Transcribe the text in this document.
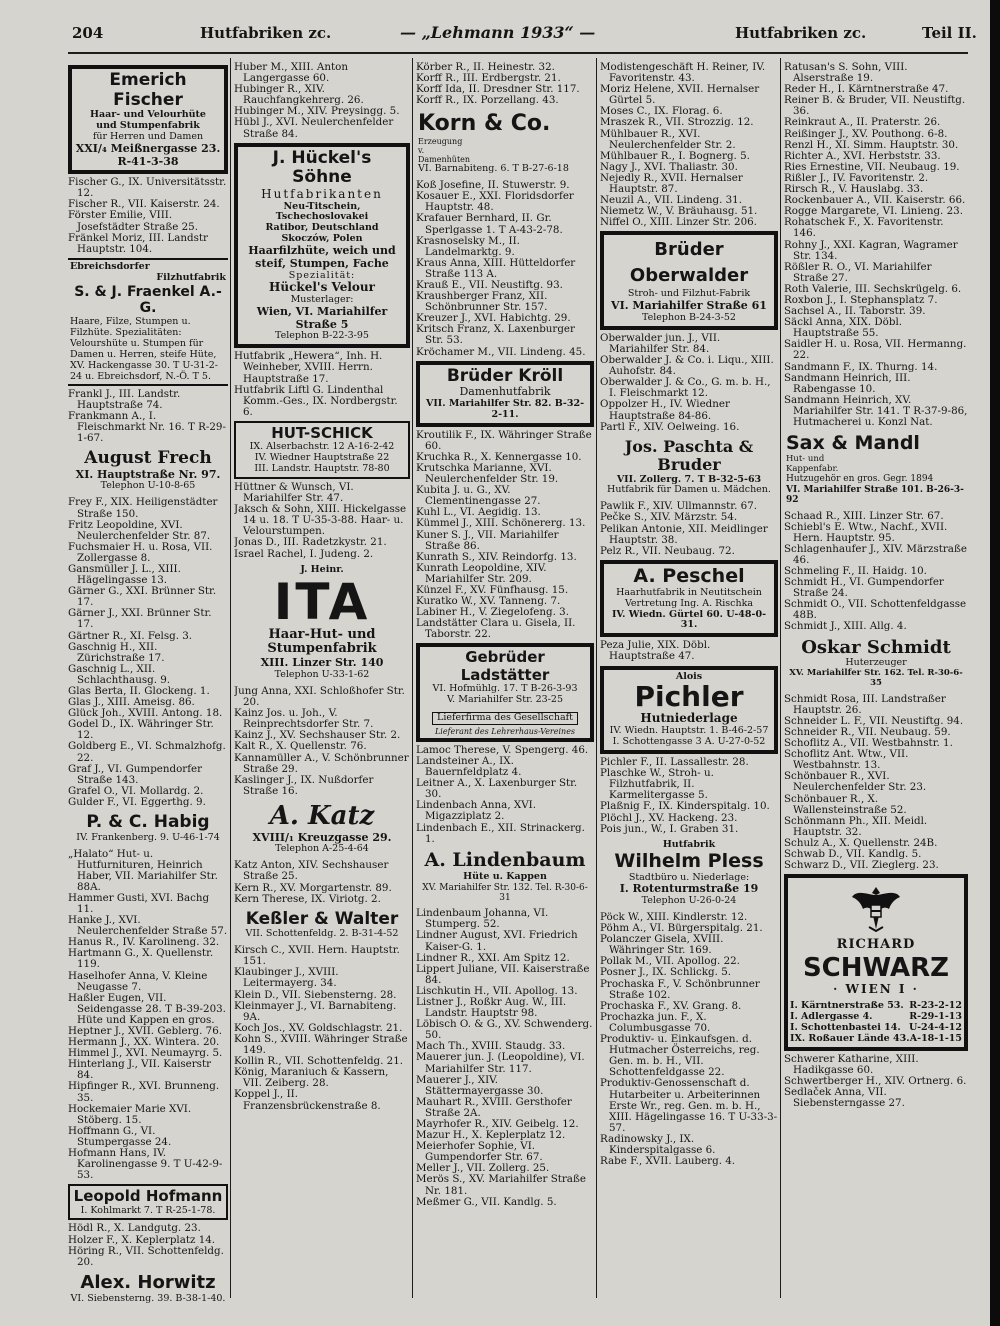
204	Hutfabriken zc.	— „Lehmann 1933“ —	Hutfabriken zc.	Teil II.
Emerich Fischer
Haar- und Velourhüte
und Stumpenfabrik
für Herren und Damen
XXI/₄ Meißnergasse 23. R-41-3-38

Fischer G., IX. Universitätsstr. 12.

Fischer R., VII. Kaiserstr. 24.

Förster Emilie, VIII. Josefstädter Straße 25.

Fränkel Moriz, III. Landstr Hauptstr. 104.

Ebreichsdorfer
Filzhutfabrik
S. & J. Fraenkel A.-G.
Haare, Filze, Stumpen u. Filzhüte. Spezialitäten: Velourshüte u. Stumpen für Damen u. Herren, steife Hüte, XV. Hackengasse 30. T U-31-2-24 u. Ebreichsdorf, N.-Ö. T 5.

Frankl J., III. Landstr. Hauptstraße 74.

Frankmann A., I. Fleischmarkt Nr. 16. T R-29-1-67.

August Frech
XI. Hauptstraße Nr. 97.
Telephon U-10-8-65

Frey F., XIX. Heiligenstädter Straße 150.

Fritz Leopoldine, XVI. Neulerchenfelder Str. 87.

Fuchsmaier H. u. Rosa, VII. Zollergasse 8.

Gansmüller J. L., XIII. Hägelingasse 13.

Gärner G., XXI. Brünner Str. 17.

Gärner J., XXI. Brünner Str. 17.

Gärtner R., XI. Felsg. 3.

Gaschnig H., XII. Zürichstraße 17.

Gaschnig L., XII. Schlachthausg. 9.

Glas Berta, II. Glockeng. 1.

Glas J., XIII. Ameisg. 86.

Glück Joh., XVIII. Antong. 18.

Godel D., IX. Währinger Str. 12.

Goldberg E., VI. Schmalzhofg. 22.

Graf J., VI. Gumpendorfer Straße 143.

Grafel O., VI. Mollardg. 2.

Gulder F., VI. Eggerthg. 9.

P. & C. Habig
IV. Frankenberg. 9. U-46-1-74

„Halato“ Hut- u. Hutfurnituren, Heinrich Haber, VII. Mariahilfer Str. 88A.

Hammer Gusti, XVI. Bachg 11.

Hanke J., XVI. Neulerchenfelder Straße 57.

Hanus R., IV. Karolineng. 32.

Hartmann G., X. Quellenstr. 119.

Haselhofer Anna, V. Kleine Neugasse 7.

Haßler Eugen, VII. Seidengasse 28. T B-39-203. Hüte und Kappen en gros.

Heptner J., XVII. Geblerg. 76.

Hermann J., XX. Wintera. 20.

Himmel J., XVI. Neumayrg. 5.

Hinterlang J., VII. Kaiserstr 84.

Hipfinger R., XVI. Brunneng. 35.

Hockemaier Marie XVI. Stöberg. 15.

Hoffmann G., VI. Stumpergasse 24.

Hofmann Hans, IV. Karolinengasse 9. T U-42-9-53.

Leopold Hofmann
I. Kohlmarkt 7. T R-25-1-78.

Hödl R., X. Landgutg. 23.

Holzer F., X. Keplerplatz 14.

Höring R., VII. Schottenfeldg. 20.

Alex. Horwitz
VI. Siebensterng. 39. B-38-1-40.

Huber M., XIII. Anton Langergasse 60.

Hubinger R., XIV. Rauchfangkehrerg. 26.

Hubinger M., XIV. Preysingg. 5.

Hübl J., XVI. Neulerchenfelder Straße 84.

J. Hückel's Söhne
Hutfabrikanten
Neu-Titschein, Tschechoslovakei
Ratibor, Deutschland
Skoczów, Polen
Haarfilzhüte, weich und steif, Stumpen, Fache
Spezialität:
Hückel's Velour
Musterlager:
Wien, VI. Mariahilfer Straße 5
Telephon B-22-3-95

Hutfabrik „Hewera“, Inh. H. Weinheber, XVIII. Herrn. Hauptstraße 17.

Hutfabrik Liftl G. Lindenthal Komm.-Ges., IX. Nordbergstr. 6.

HUT-SCHICK
IX. Alserbachstr. 12 A-16-2-42
IV. Wiedner Hauptstraße 22
III. Landstr. Hauptstr. 78-80

Hüttner & Wunsch, VI. Mariahilfer Str. 47.

Jaksch & Sohn, XIII. Hickelgasse 14 u. 18. T U-35-3-88. Haar- u. Velourstumpen.

Jonas D., III. Radetzkystr. 21.

Israel Rachel, I. Judeng. 2.

J. Heinr.
ITA
Haar-Hut- und
Stumpenfabrik
XIII. Linzer Str. 140
Telephon U-33-1-62

Jung Anna, XXI. Schloßhofer Str. 20.

Kainz Jos. u. Joh., V. Reinprechtsdorfer Str. 7.

Kainz J., XV. Sechshauser Str. 2.

Kalt R., X. Quellenstr. 76.

Kannamüller A., V. Schönbrunner Straße 29.

Kaslinger J., IX. Nußdorfer Straße 16.

A. Katz
XVIII/₁ Kreuzgasse 29.
Telephon A-25-4-64

Katz Anton, XIV. Sechshauser Straße 25.

Kern R., XV. Morgartenstr. 89.

Kern Therese, IX. Viriotg. 2.

Keßler & Walter
VII. Schottenfeldg. 2. B-31-4-52

Kirsch C., XVII. Hern. Hauptstr. 151.

Klaubinger J., XVIII. Leitermayerg. 34.

Klein D., VII. Siebensterng. 28.

Kleinmayer J., VI. Barnabiteng. 9A.

Koch Jos., XV. Goldschlagstr. 21.

Kohn S., XVIII. Währinger Straße 149.

Kollin R., VII. Schottenfeldg. 21.

König, Maraniuch & Kassern, VII. Zeiberg. 28.

Koppel J., II. Franzensbrückenstraße 8.

Körber R., II. Heinestr. 32.

Korff R., III. Erdbergstr. 21.

Korff Ida, II. Dresdner Str. 117.

Korff R., IX. Porzellang. 43.

Korn & Co. Erzeugung v. Damenhüten
VI. Barnabiteng. 6. T B-27-6-18

Koß Josefine, II. Stuwerstr. 9.

Kosauer E., XXI. Floridsdorfer Hauptstr. 48.

Krafauer Bernhard, II. Gr. Sperlgasse 1. T A-43-2-78.

Krasnoselsky M., II. Landelmarktg. 9.

Kraus Anna, XIII. Hütteldorfer Straße 113 A.

Krauß E., VII. Neustiftg. 93.

Kraushberger Franz, XII. Schönbrunner Str. 157.

Kreuzer J., XVI. Habichtg. 29.

Kritsch Franz, X. Laxenburger Str. 53.

Kröchamer M., VII. Lindeng. 45.

Brüder Kröll
Damenhutfabrik
VII. Mariahilfer Str. 82. B-32-2-11.

Kroutilik F., IX. Währinger Straße 60.

Kruchka R., X. Kennergasse 10.

Krutschka Marianne, XVI. Neulerchenfelder Str. 19.

Kubita J. u. G., XV. Clementinengasse 27.

Kuhl L., VI. Aegidig. 13.

Kümmel J., XIII. Schönererg. 13.

Kuner S. J., VII. Mariahilfer Straße 86.

Kunrath S., XIV. Reindorfg. 13.

Kunrath Leopoldine, XIV. Mariahilfer Str. 209.

Künzel F., XV. Fünfhausg. 15.

Kuratko W., XV. Tanneng. 7.

Labiner H., V. Ziegelofeng. 3.

Landstätter Clara u. Gisela, II. Taborstr. 22.

Gebrüder Ladstätter
VI. Hofmühlg. 17. T B-26-3-93
V. Mariahilfer Str. 23-25
Lieferfirma des Gesellschaft
Lieferant des Lehrerhaus-Vereines

Lamoc Therese, V. Spengerg. 46.

Landsteiner A., IX. Bauernfeldplatz 4.

Leitner A., X. Laxenburger Str. 30.

Lindenbach Anna, XVI. Migazziplatz 2.

Lindenbach E., XII. Strinackerg. 1.

A. Lindenbaum
Hüte u. Kappen
XV. Mariahilfer Str. 132. Tel. R-30-6-31

Lindenbaum Johanna, VI. Stumperg. 52.

Lindner August, XVI. Friedrich Kaiser-G. 1.

Lindner R., XXI. Am Spitz 12.

Lippert Juliane, VII. Kaiserstraße 84.

Lischkutin H., VII. Apollog. 13.

Listner J., Roßkr Aug. W., III. Landstr. Hauptstr 98.

Löbisch O. & G., XV. Schwenderg. 50.

Mach Th., XVIII. Staudg. 33.

Mauerer jun. J. (Leopoldine), VI. Mariahilfer Str. 117.

Mauerer J., XIV. Stättermayergasse 30.

Mauhart R., XVIII. Gersthofer Straße 2A.

Mayrhofer R., XIV. Geibelg. 12.

Mazur H., X. Keplerplatz 12.

Meierhofer Sophie, VI. Gumpendorfer Str. 67.

Meller J., VII. Zollerg. 25.

Merös S., XV. Mariahilfer Straße Nr. 181.

Meßmer G., VII. Kandlg. 5.

Modistengeschäft H. Reiner, IV. Favoritenstr. 43.

Moriz Helene, XVII. Hernalser Gürtel 5.

Moses C., IX. Florag. 6.

Mraszek R., VII. Strozzig. 12.

Mühlbauer R., XVI. Neulerchenfelder Str. 2.

Mühlbauer R., I. Bognerg. 5.

Nagy J., XVI. Thaliastr. 30.

Nejedly R., XVII. Hernalser Hauptstr. 87.

Neuzil A., VII. Lindeng. 31.

Niemetz W., V. Bräuhausg. 51.

Niffel O., XIII. Linzer Str. 206.

Brüder Oberwalder
Stroh- und Filzhut-Fabrik
VI. Mariahilfer Straße 61
Telephon B-24-3-52

Oberwalder jun. J., VII. Mariahilfer Str. 84.

Oberwalder J. & Co. i. Liqu., XIII. Auhofstr. 84.

Oberwalder J. & Co., G. m. b. H., I. Fleischmarkt 12.

Oppolzer H., IV. Wiedner Hauptstraße 84-86.

Partl F., XIV. Oelweing. 16.

Jos. Paschta & Bruder
VII. Zollerg. 7. T B-32-5-63
Hutfabrik für Damen u. Mädchen.

Pawlik F., XIV. Ullmannstr. 67.

Pečke S., XIV. Märzstr. 54.

Pelikan Antonie, XII. Meidlinger Hauptstr. 38.

Pelz R., VII. Neubaug. 72.

A. Peschel
Haarhutfabrik in Neutitschein
Vertretung Ing. A. Rischka
IV. Wiedn. Gürtel 60. U-48-0-31.

Peza Julie, XIX. Döbl. Hauptstraße 47.

Alois
Pichler
Hutniederlage
IV. Wiedn. Hauptstr. 1. B-46-2-57
I. Schottengasse 3 A. U-27-0-52

Pichler F., II. Lassallestr. 28.

Plaschke W., Stroh- u. Filzhutfabrik, II. Karmelitergasse 5.

Plaßnig F., IX. Kinderspitalg. 10.

Plöchl J., XV. Hackeng. 23.

Pois jun., W., I. Graben 31.

Hutfabrik
Wilhelm Pless
Stadtbüro u. Niederlage:
I. Rotenturmstraße 19
Telephon U-26-0-24

Pöck W., XIII. Kindlerstr. 12.

Pöhm A., VI. Bürgerspitalg. 21.

Polanczer Gisela, XVIII. Währinger Str. 169.

Pollak M., VII. Apollog. 22.

Posner J., IX. Schlickg. 5.

Prochaska F., V. Schönbrunner Straße 102.

Prochaska F., XV. Grang. 8.

Prochazka jun. F., X. Columbusgasse 70.

Produktiv- u. Einkaufsgen. d. Hutmacher Österreichs, reg. Gen. m. b. H., VII. Schottenfeldgasse 22.

Produktiv-Genossenschaft d. Hutarbeiter u. Arbeiterinnen Erste Wr., reg. Gen. m. b. H., XIII. Hägelingasse 16. T U-33-3-57.

Radinowsky J., IX. Kinderspitalgasse 6.

Rabe F., XVII. Lauberg. 4.

Ratusan's S. Sohn, VIII. Alserstraße 19.

Reder H., I. Kärntnerstraße 47.

Reiner B. & Bruder, VII. Neustiftg. 36.

Reinkraut A., II. Praterstr. 26.

Reißinger J., XV. Pouthong. 6-8.

Renzl H., XI. Simm. Hauptstr. 30.

Richter A., XVI. Herbststr. 33.

Ries Ernestine, VII. Neubaug. 19.

Rißler J., IV. Favoritenstr. 2.

Rirsch R., V. Hauslabg. 33.

Rockenbauer A., VII. Kaiserstr. 66.

Rogge Margarete, VI. Linieng. 23.

Rohatschek F., X. Favoritenstr. 146.

Rohny J., XXI. Kagran, Wagramer Str. 134.

Rößler R. O., VI. Mariahilfer Straße 27.

Roth Valerie, III. Sechskrügelg. 6.

Roxbon J., I. Stephansplatz 7.

Sachsel A., II. Taborstr. 39.

Säckl Anna, XIX. Döbl. Hauptstraße 55.

Saidler H. u. Rosa, VII. Hermanng. 22.

Sandmann F., IX. Thurng. 14.

Sandmann Heinrich, III. Rabengasse 10.

Sandmann Heinrich, XV. Mariahilfer Str. 141. T R-37-9-86, Hutmacherei u. Konzl Nat.

Sax & Mandl Hut- und Kappenfabr.
Hutzugehör en gros. Gegr. 1894
VI. Mariahilfer Straße 101. B-26-3-92

Schaad R., XIII. Linzer Str. 67.

Schiebl's E. Wtw., Nachf., XVII. Hern. Hauptstr. 95.

Schlagenhaufer J., XIV. Märzstraße 46.

Schmeling F., II. Haidg. 10.

Schmidt H., VI. Gumpendorfer Straße 24.

Schmidt O., VII. Schottenfeldgasse 48B.

Schmidt J., XIII. Allg. 4.

Oskar Schmidt
Huterzeuger
XV. Mariahilfer Str. 162. Tel. R-30-6-35

Schmidt Rosa, III. Landstraßer Hauptstr. 26.

Schneider L. F., VII. Neustiftg. 94.

Schneider R., VII. Neubaug. 59.

Schoflitz A., VII. Westbahnstr. 1.

Schoflitz Ant. Wtw., VII. Westbahnstr. 13.

Schönbauer R., XVI. Neulerchenfelder Str. 23.

Schönbauer R., X. Wallensteinstraße 52.

Schönmann Ph., XII. Meidl. Hauptstr. 32.

Schulz A., X. Quellenstr. 24B.

Schwab D., VII. Kandlg. 5.

Schwarz D., VII. Zieglerg. 23.

RICHARD
SCHWARZ
· WIEN I ·
I. Kärntnerstraße 53. R-23-2-12
I. Adlergasse 4.	R-29-1-13
I. Schottenbastei 14. U-24-4-12
IX. Roßauer Lände 43. A-18-1-15

Schwerer Katharine, XIII. Hadikgasse 60.

Schwertberger H., XIV. Ortnerg. 6.

Sedlaček Anna, VII. Siebensterngasse 27.
